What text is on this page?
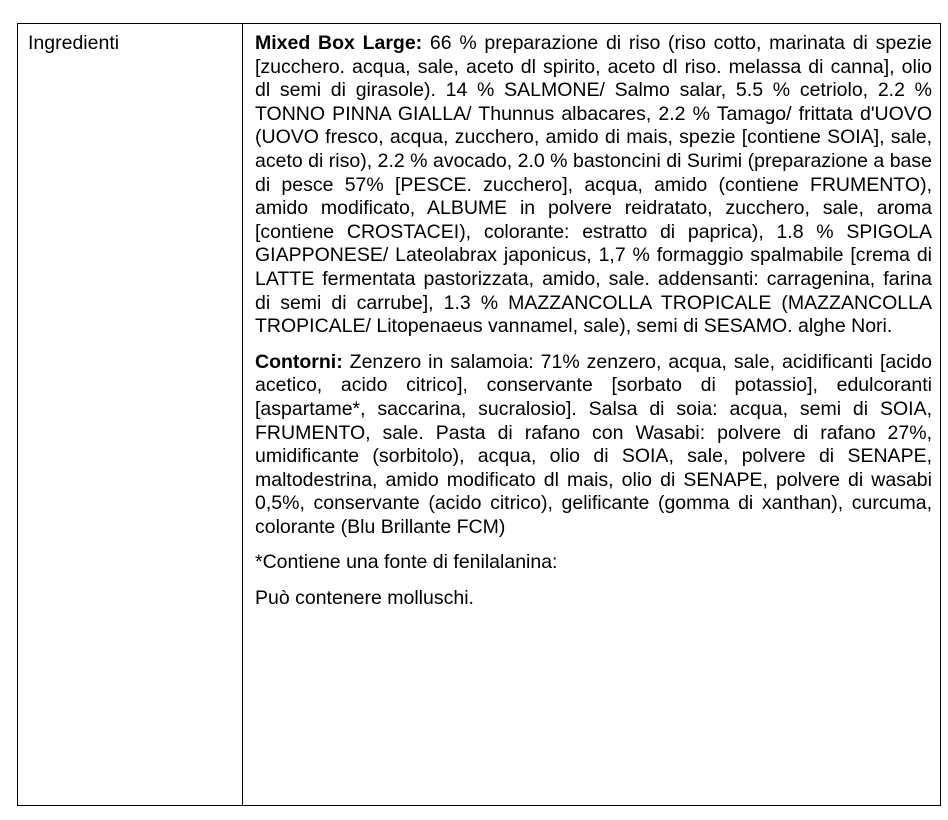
Ingredienti	Mixed Box Large: 66 % preparazione di riso (riso cotto, marinata di spezie [zucchero. acqua, sale, aceto dl spirito, aceto dl riso. melassa di canna], olio dl semi di girasole). 14 % SALMONE/ Salmo salar, 5.5 % cetriolo, 2.2 % TONNO PINNA GIALLA/ Thunnus albacares, 2.2 % Tamago/ frittata d'UOVO (UOVO fresco, acqua, zucchero, amido di mais, spezie [contiene SOIA], sale, aceto di riso), 2.2 % avocado, 2.0 % bastoncini di Surimi (preparazione a base di pesce 57% [PESCE. zucchero], acqua, amido (contiene FRUMENTO), amido modificato, ALBUME in polvere reidratato, zucchero, sale, aroma [contiene CROSTACEI), colorante: estratto di paprica), 1.8 % SPIGOLA GIAPPONESE/ Lateolabrax japonicus, 1,7 % formaggio spalmabile [crema di LATTE fermentata pastorizzata, amido, sale. addensanti: carragenina, farina di semi di carrube], 1.3 % MAZZANCOLLA TROPICALE (MAZZANCOLLA TROPICALE/ Litopenaeus vannamel, sale), semi di SESAMO. alghe Nori.

Contorni: Zenzero in salamoia: 71% zenzero, acqua, sale, acidificanti [acido acetico, acido citrico], conservante [sorbato di potassio], edulcoranti [aspartame*, saccarina, sucralosio]. Salsa di soia: acqua, semi di SOIA, FRUMENTO, sale. Pasta di rafano con Wasabi: polvere di rafano 27%, umidificante (sorbitolo), acqua, olio di SOIA, sale, polvere di SENAPE, maltodestrina, amido modificato dl mais, olio di SENAPE, polvere di wasabi 0,5%, conservante (acido citrico), gelificante (gomma di xanthan), curcuma, colorante (Blu Brillante FCM)

*Contiene una fonte di fenilalanina:

Può contenere molluschi.
